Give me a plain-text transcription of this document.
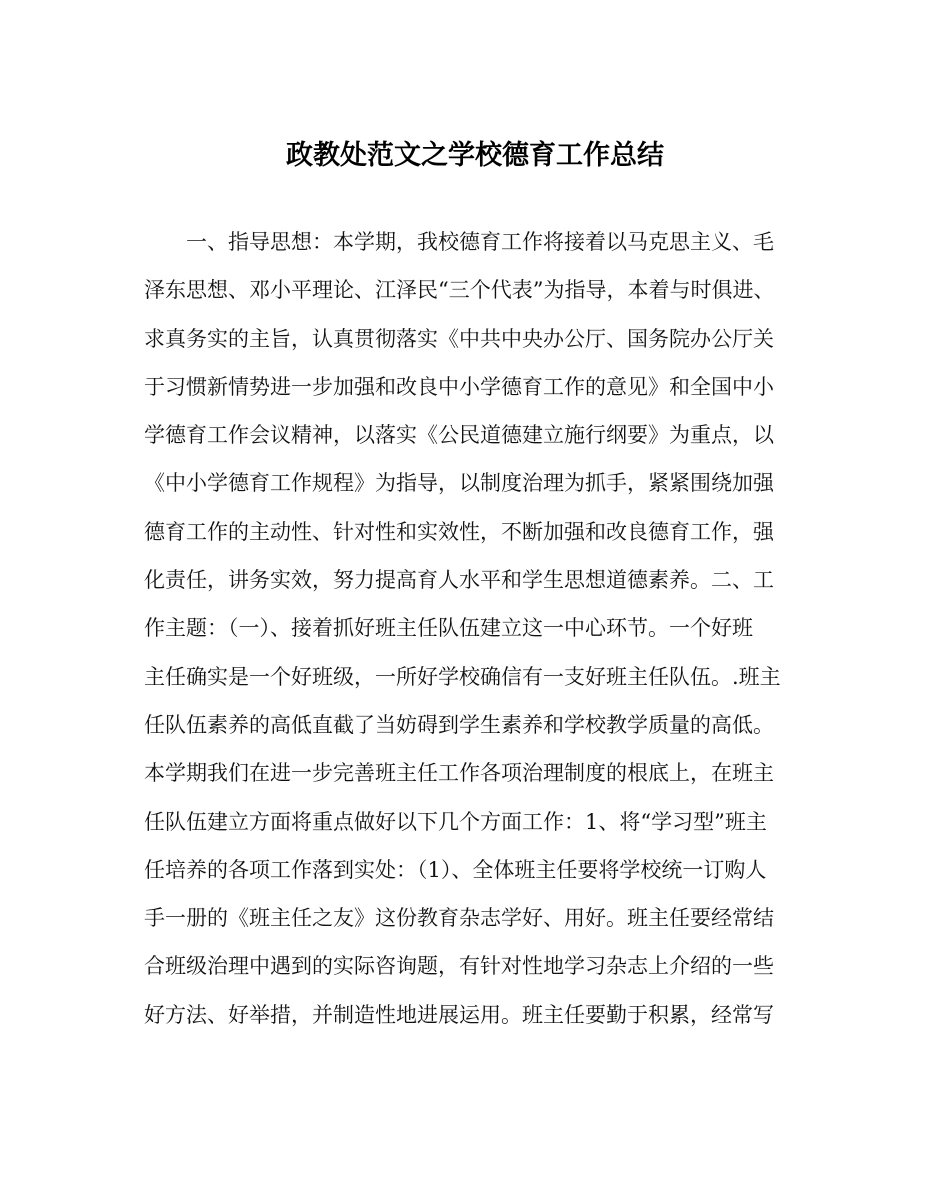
政教处范文之学校德育工作总结
　　一、指导思想：本学期，我校德育工作将接着以马克思主义、毛
泽东思想、邓小平理论、江泽民“三个代表”为指导，本着与时俱进、
求真务实的主旨，认真贯彻落实《中共中央办公厅、国务院办公厅关
于习惯新情势进一步加强和改良中小学德育工作的意见》和全国中小
学德育工作会议精神，以落实《公民道德建立施行纲要》为重点，以
《中小学德育工作规程》为指导，以制度治理为抓手，紧紧围绕加强
德育工作的主动性、针对性和实效性，不断加强和改良德育工作，强
化责任，讲务实效，努力提高育人水平和学生思想道德素养。二、工
作主题：（一）、接着抓好班主任队伍建立这一中心环节。一个好班
主任确实是一个好班级，一所好学校确信有一支好班主任队伍。.班主
任队伍素养的高低直截了当妨碍到学生素养和学校教学质量的高低。
本学期我们在进一步完善班主任工作各项治理制度的根底上，在班主
任队伍建立方面将重点做好以下几个方面工作：1、将“学习型”班主
任培养的各项工作落到实处：（1）、全体班主任要将学校统一订购人
手一册的《班主任之友》这份教育杂志学好、用好。班主任要经常结
合班级治理中遇到的实际咨询题，有针对性地学习杂志上介绍的一些
好方法、好举措，并制造性地进展运用。班主任要勤于积累，经常写
